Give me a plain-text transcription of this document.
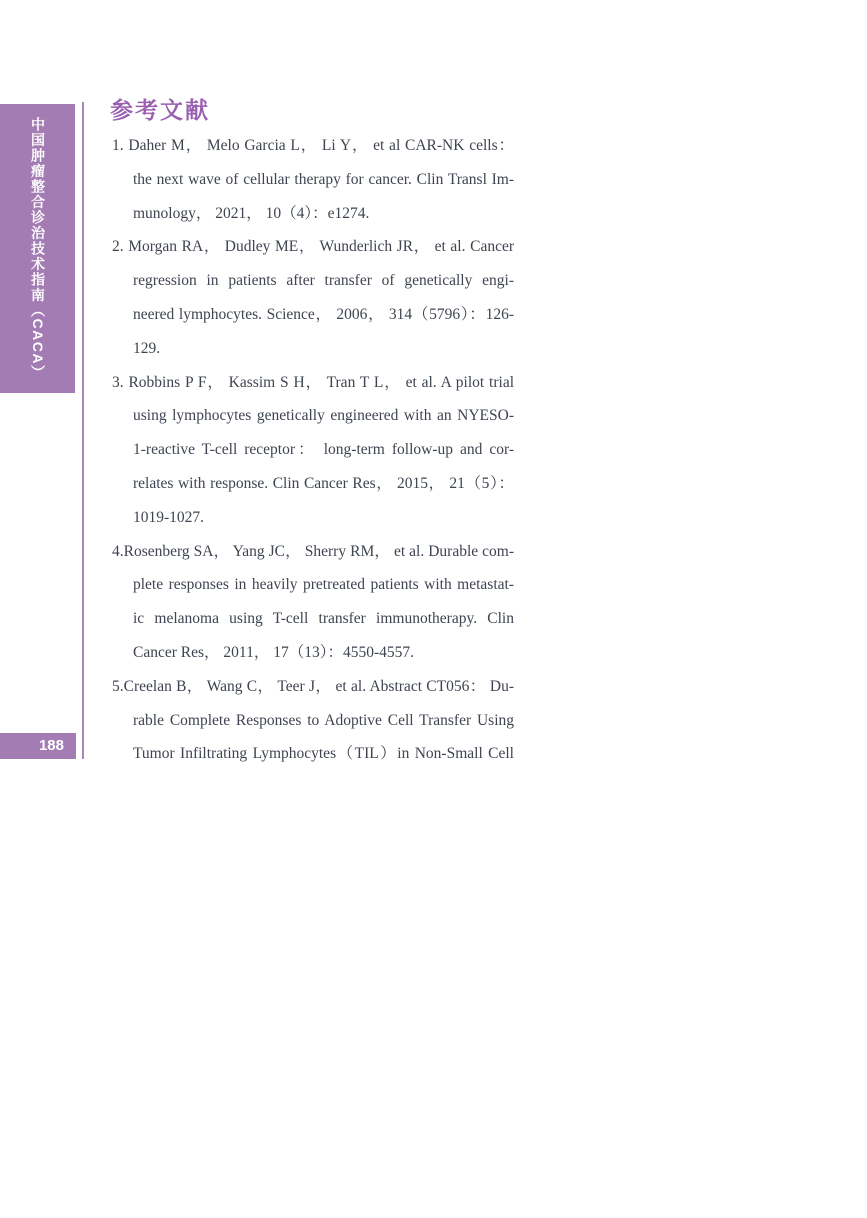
中国肿瘤整合诊治技术指南（CACA）
188
参考文献
1. Daher M， Melo Garcia L， Li Y， et al CAR-NK cells：
the next wave of cellular therapy for cancer. Clin Transl Im-
munology， 2021， 10（4）：e1274.
2. Morgan RA， Dudley ME， Wunderlich JR， et al. Cancer
regression in patients after transfer of genetically engi-
neered lymphocytes. Science， 2006， 314（5796）：126-
129.
3. Robbins P F， Kassim S H， Tran T L， et al. A pilot trial
using lymphocytes genetically engineered with an NYESO-
1-reactive T-cell receptor： long-term follow-up and cor-
relates with response. Clin Cancer Res， 2015， 21（5）：
1019-1027.
4.Rosenberg SA， Yang JC， Sherry RM， et al. Durable com-
plete responses in heavily pretreated patients with metastat-
ic melanoma using T-cell transfer immunotherapy. Clin
Cancer Res， 2011， 17（13）：4550-4557.
5.Creelan B， Wang C， Teer J， et al. Abstract CT056： Du-
rable Complete Responses to Adoptive Cell Transfer Using
Tumor Infiltrating Lymphocytes（TIL）in Non-Small Cell
